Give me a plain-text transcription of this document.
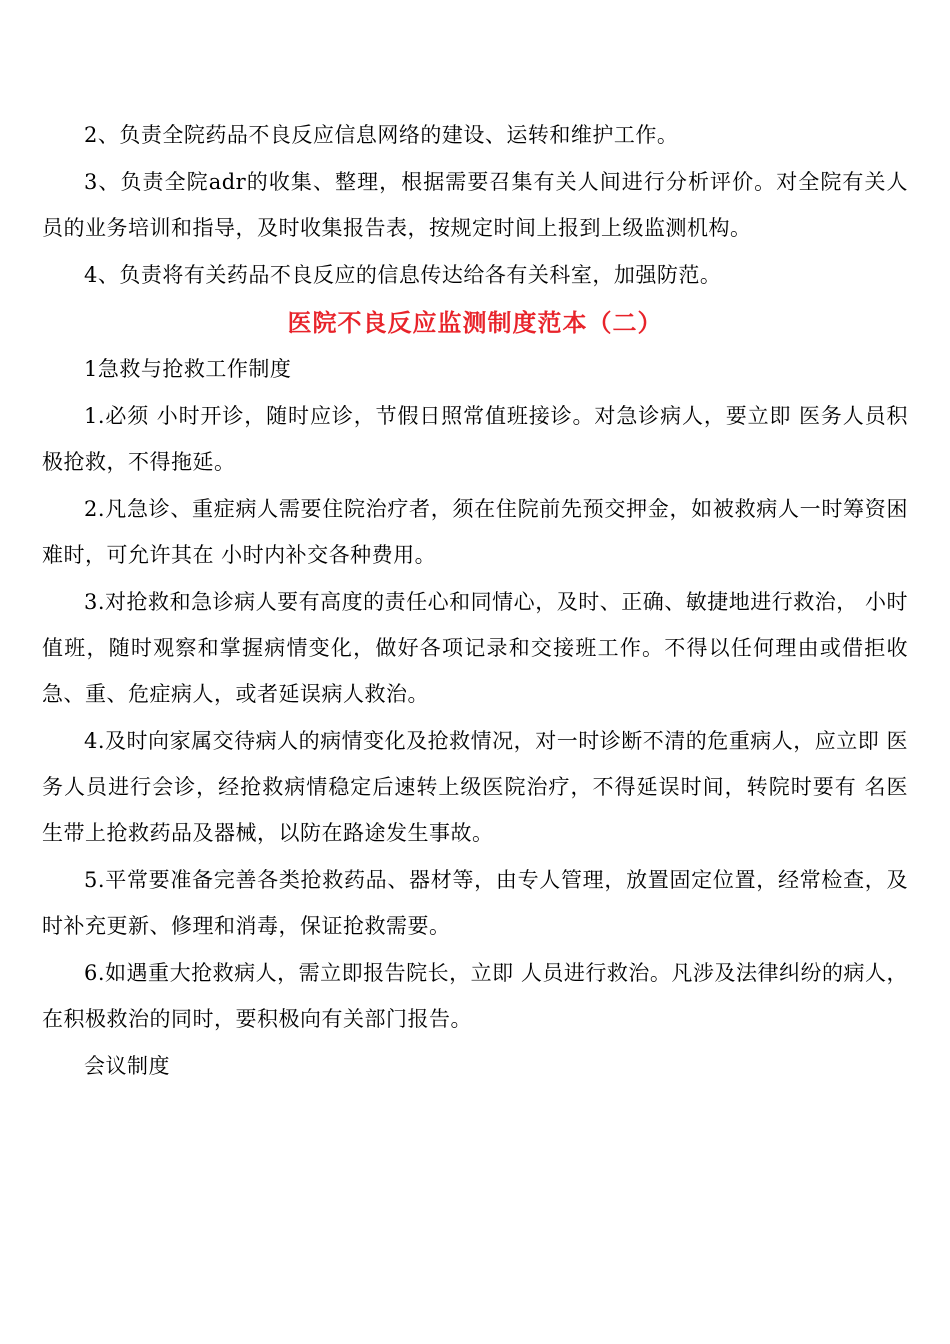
2、负责全院药品不良反应信息网络的建设、运转和维护工作。

3、负责全院adr的收集、整理，根据需要召集有关人间进行分析评价。对全院有关人员的业务培训和指导，及时收集报告表，按规定时间上报到上级监测机构。

4、负责将有关药品不良反应的信息传达给各有关科室，加强防范。

医院不良反应监测制度范本（二）

1急救与抢救工作制度

1.必须 小时开诊，随时应诊，节假日照常值班接诊。对急诊病人，要立即 医务人员积极抢救，不得拖延。

2.凡急诊、重症病人需要住院治疗者，须在住院前先预交押金，如被救病人一时筹资困难时，可允许其在 小时内补交各种费用。

3.对抢救和急诊病人要有高度的责任心和同情心，及时、正确、敏捷地进行救治， 小时值班，随时观察和掌握病情变化，做好各项记录和交接班工作。不得以任何理由或借拒收急、重、危症病人，或者延误病人救治。

4.及时向家属交待病人的病情变化及抢救情况，对一时诊断不清的危重病人，应立即 医务人员进行会诊，经抢救病情稳定后速转上级医院治疗，不得延误时间，转院时要有 名医生带上抢救药品及器械，以防在路途发生事故。

5.平常要准备完善各类抢救药品、器材等，由专人管理，放置固定位置，经常检查，及时补充更新、修理和消毒，保证抢救需要。

6.如遇重大抢救病人，需立即报告院长，立即 人员进行救治。凡涉及法律纠纷的病人，在积极救治的同时，要积极向有关部门报告。

会议制度
